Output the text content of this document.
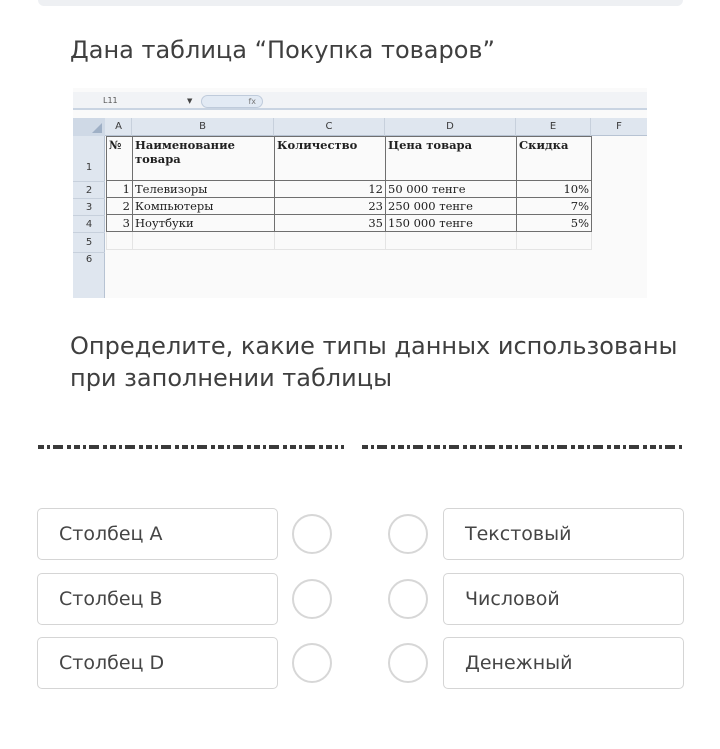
Дана таблица “Покупка товаров”
L11	▼	fx
A	B	C	D	E	F
1
2
3
4
5
6
№	Наименование товара	Количество	Цена товара	Скидка
1	Телевизоры	12	50 000 тенге	10%
2	Компьютеры	23	250 000 тенге	7%
3	Ноутбуки	35	150 000 тенге	5%

Определите, какие типы данных использованы при заполнении таблицы
Столбец A
Столбец B
Столбец D
Текстовый
Числовой
Денежный
